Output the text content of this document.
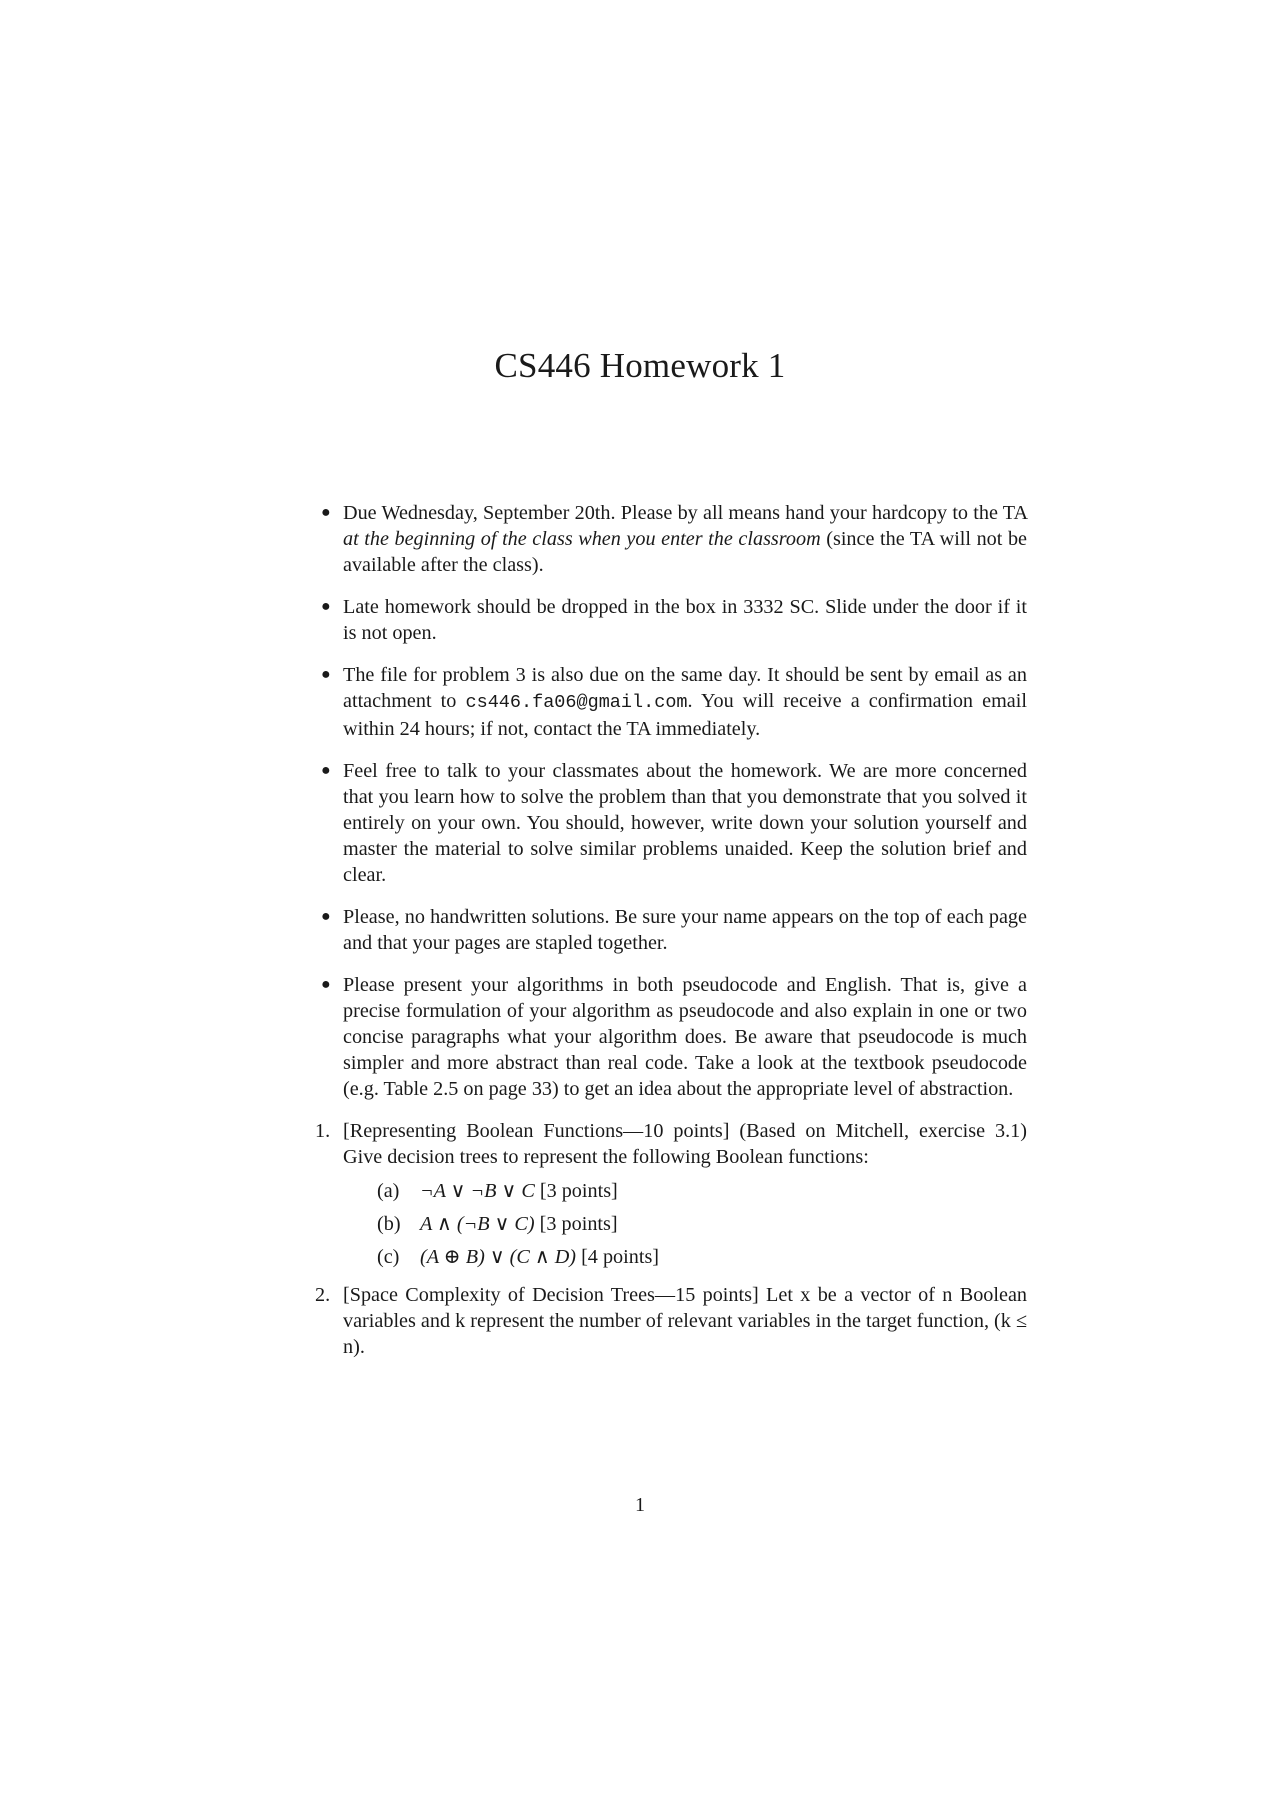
CS446 Homework 1
● Due Wednesday, September 20th. Please by all means hand your hardcopy to the TA at the beginning of the class when you enter the classroom (since the TA will not be available after the class).
● Late homework should be dropped in the box in 3332 SC. Slide under the door if it is not open.
● The file for problem 3 is also due on the same day. It should be sent by email as an attachment to cs446.fa06@gmail.com. You will receive a confirmation email within 24 hours; if not, contact the TA immediately.
● Feel free to talk to your classmates about the homework. We are more concerned that you learn how to solve the problem than that you demonstrate that you solved it entirely on your own. You should, however, write down your solution yourself and master the material to solve similar problems unaided. Keep the solution brief and clear.
● Please, no handwritten solutions. Be sure your name appears on the top of each page and that your pages are stapled together.
● Please present your algorithms in both pseudocode and English. That is, give a precise formulation of your algorithm as pseudocode and also explain in one or two concise paragraphs what your algorithm does. Be aware that pseudocode is much simpler and more abstract than real code. Take a look at the textbook pseudocode (e.g. Table 2.5 on page 33) to get an idea about the appropriate level of abstraction.
1. [Representing Boolean Functions—10 points] (Based on Mitchell, exercise 3.1) Give decision trees to represent the following Boolean functions:
(a) ¬A ∨ ¬B ∨ C [3 points]
(b) A ∧ (¬B ∨ C) [3 points]
(c) (A ⊕ B) ∨ (C ∧ D) [4 points]
2. [Space Complexity of Decision Trees—15 points] Let x be a vector of n Boolean variables and k represent the number of relevant variables in the target function, (k ≤ n).
1
